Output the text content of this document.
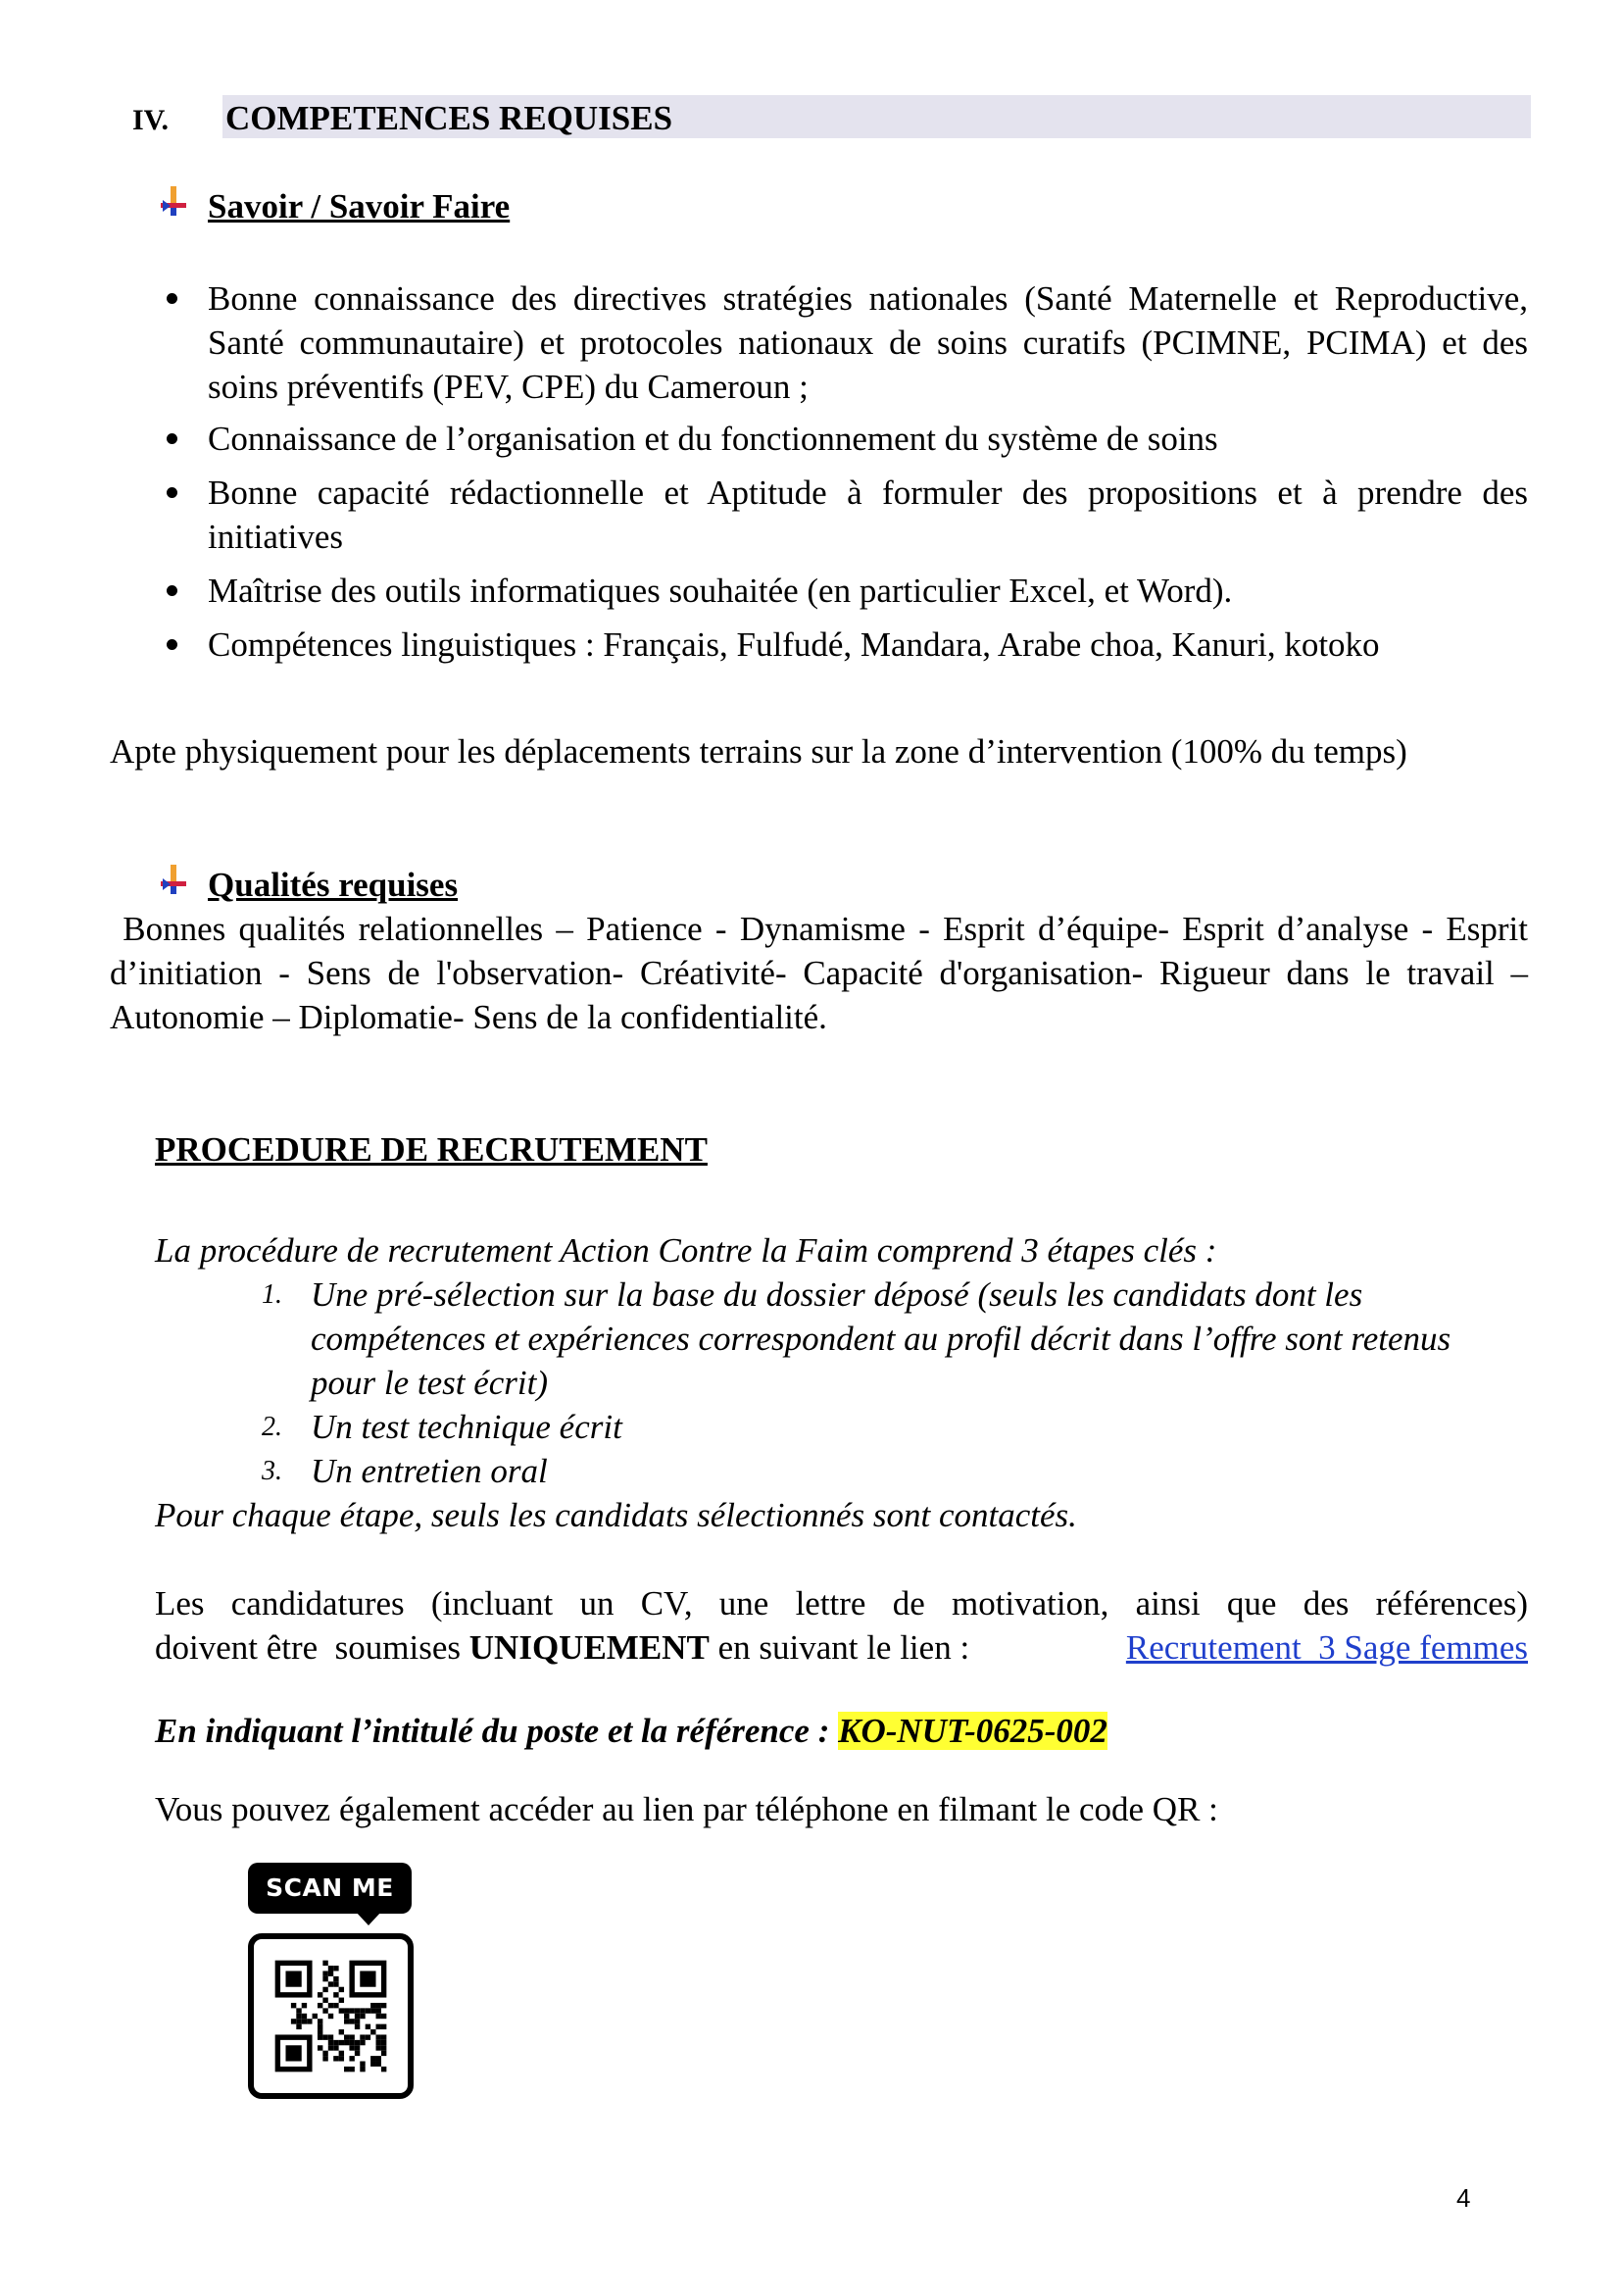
IV. COMPETENCES REQUISES
Savoir / Savoir Faire
Bonne connaissance des directives stratégies nationales (Santé Maternelle et Reproductive, Santé communautaire) et protocoles nationaux de soins curatifs (PCIMNE, PCIMA) et des soins préventifs (PEV, CPE) du Cameroun ;
Connaissance de l’organisation et du fonctionnement du système de soins
Bonne capacité rédactionnelle et Aptitude à formuler des propositions et à prendre des initiatives
Maîtrise des outils informatiques souhaitée (en particulier Excel, et Word).
Compétences linguistiques : Français, Fulfudé, Mandara, Arabe choa, Kanuri, kotoko
Apte physiquement pour les déplacements terrains sur la zone d’intervention (100% du temps)
Qualités requises
Bonnes qualités relationnelles – Patience - Dynamisme - Esprit d’équipe- Esprit d’analyse - Esprit d’initiation - Sens de l'observation- Créativité- Capacité d'organisation- Rigueur dans le travail – Autonomie – Diplomatie- Sens de la confidentialité.
PROCEDURE DE RECRUTEMENT
La procédure de recrutement Action Contre la Faim comprend 3 étapes clés :
1. Une pré-sélection sur la base du dossier déposé (seuls les candidats dont les compétences et expériences correspondent au profil décrit dans l’offre sont retenus pour le test écrit)
2. Un test technique écrit
3. Un entretien oral
Pour chaque étape, seuls les candidats sélectionnés sont contactés.
Les candidatures (incluant un CV, une lettre de motivation, ainsi que des références)
doivent être  soumises UNIQUEMENT en suivant le lien :	Recrutement_3 Sage femmes
En indiquant l’intitulé du poste et la référence : KO-NUT-0625-002
Vous pouvez également accéder au lien par téléphone en filmant le code QR :
SCAN ME
4
